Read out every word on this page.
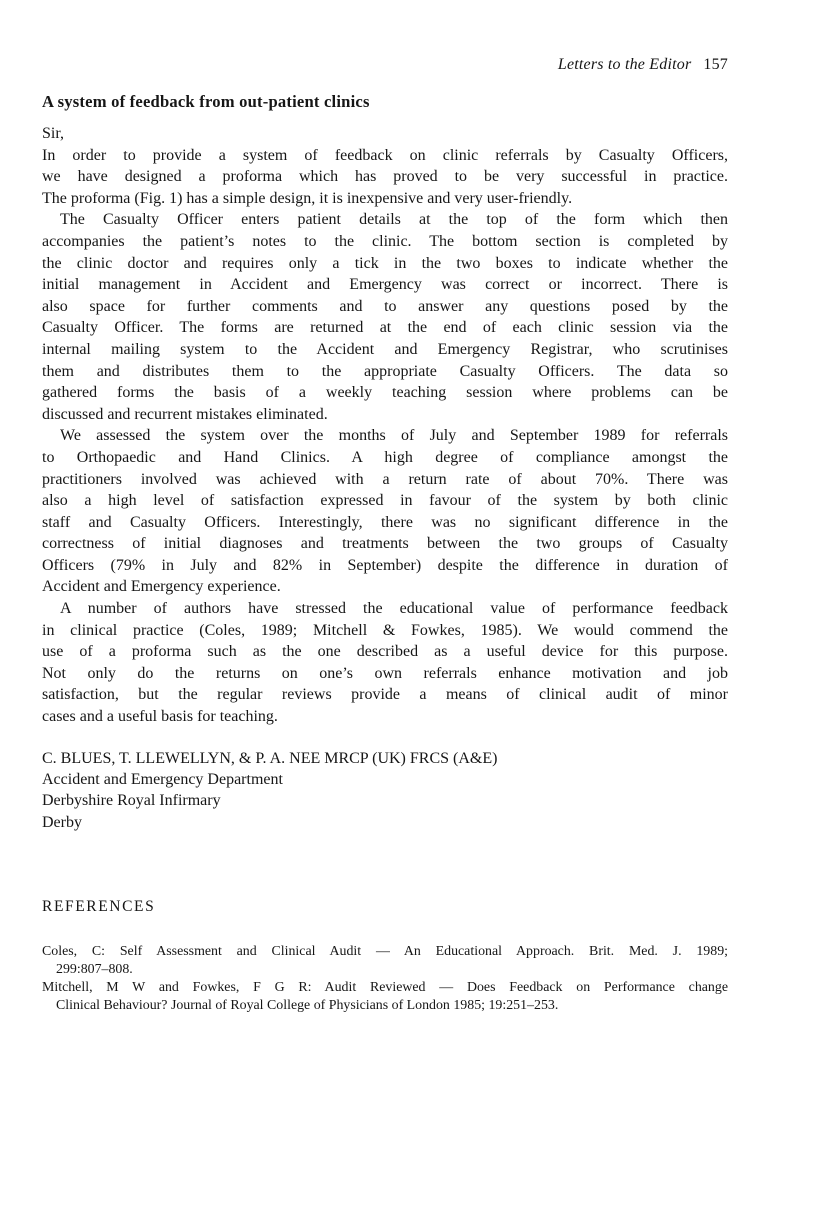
Letters to the Editor 157
A system of feedback from out-patient clinics
Sir,
In order to provide a system of feedback on clinic referrals by Casualty Officers,
we have designed a proforma which has proved to be very successful in practice.
The proforma (Fig. 1) has a simple design, it is inexpensive and very user-friendly.
The Casualty Officer enters patient details at the top of the form which then
accompanies the patient’s notes to the clinic. The bottom section is completed by
the clinic doctor and requires only a tick in the two boxes to indicate whether the
initial management in Accident and Emergency was correct or incorrect. There is
also space for further comments and to answer any questions posed by the
Casualty Officer. The forms are returned at the end of each clinic session via the
internal mailing system to the Accident and Emergency Registrar, who scrutinises
them and distributes them to the appropriate Casualty Officers. The data so
gathered forms the basis of a weekly teaching session where problems can be
discussed and recurrent mistakes eliminated.
We assessed the system over the months of July and September 1989 for referrals
to Orthopaedic and Hand Clinics. A high degree of compliance amongst the
practitioners involved was achieved with a return rate of about 70%. There was
also a high level of satisfaction expressed in favour of the system by both clinic
staff and Casualty Officers. Interestingly, there was no significant difference in the
correctness of initial diagnoses and treatments between the two groups of Casualty
Officers (79% in July and 82% in September) despite the difference in duration of
Accident and Emergency experience.
A number of authors have stressed the educational value of performance feedback
in clinical practice (Coles, 1989; Mitchell & Fowkes, 1985). We would commend the
use of a proforma such as the one described as a useful device for this purpose.
Not only do the returns on one’s own referrals enhance motivation and job
satisfaction, but the regular reviews provide a means of clinical audit of minor
cases and a useful basis for teaching.
C. BLUES, T. LLEWELLYN, & P. A. NEE MRCP (UK) FRCS (A&E)
Accident and Emergency Department
Derbyshire Royal Infirmary
Derby
REFERENCES
Coles, C: Self Assessment and Clinical Audit — An Educational Approach. Brit. Med. J. 1989;
299:807–808.
Mitchell, M W and Fowkes, F G R: Audit Reviewed — Does Feedback on Performance change
Clinical Behaviour? Journal of Royal College of Physicians of London 1985; 19:251–253.
